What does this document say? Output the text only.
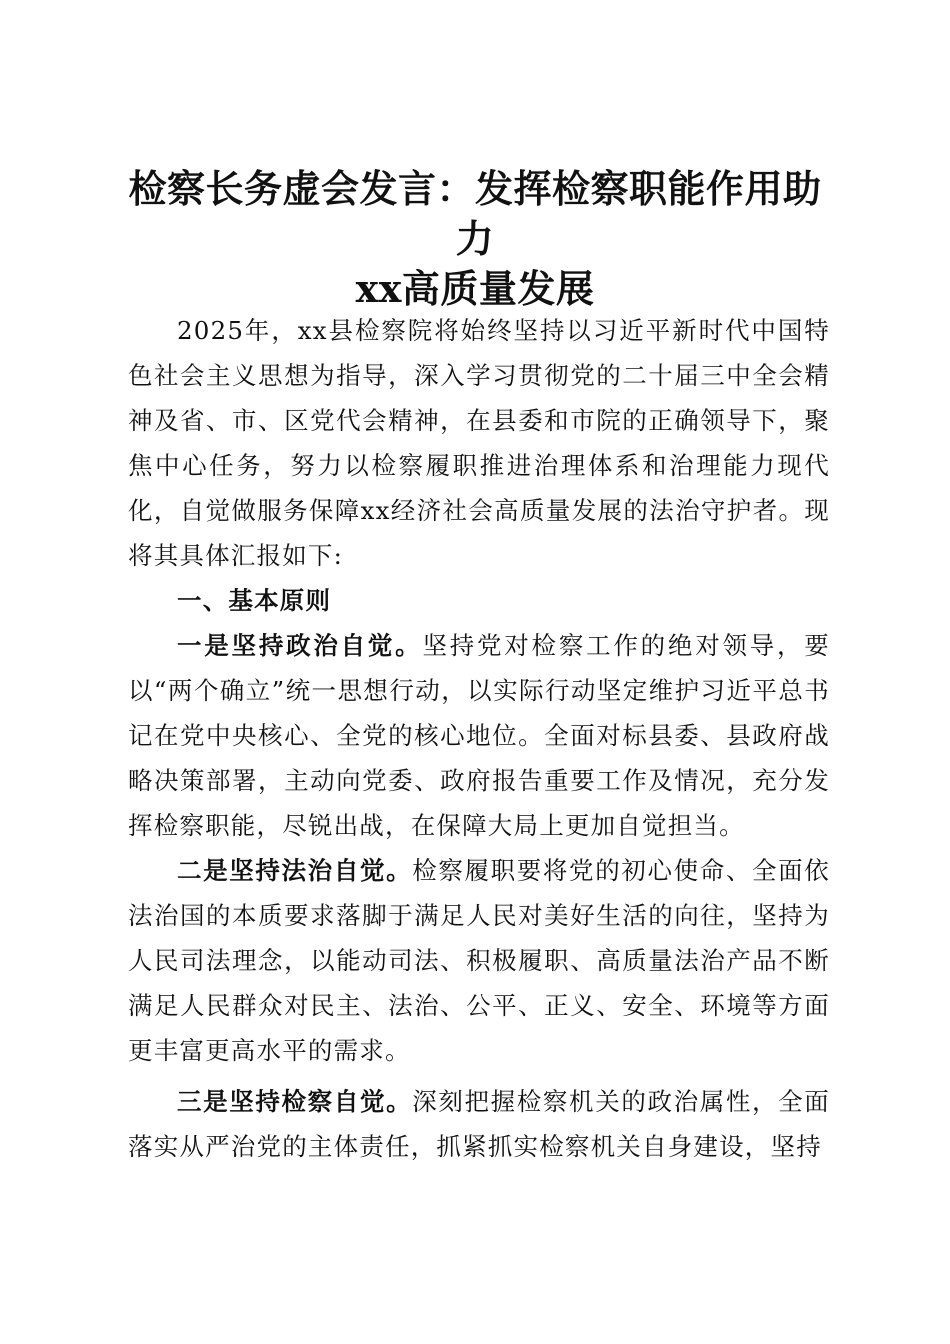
检察长务虚会发言：发挥检察职能作用助力
xx高质量发展

2025年，xx县检察院将始终坚持以习近平新时代中国特色社会主义思想为指导，深入学习贯彻党的二十届三中全会精神及省、市、区党代会精神，在县委和市院的正确领导下，聚焦中心任务，努力以检察履职推进治理体系和治理能力现代化，自觉做服务保障xx经济社会高质量发展的法治守护者。现将其具体汇报如下:

一、基本原则

一是坚持政治自觉。坚持党对检察工作的绝对领导，要以“两个确立”统一思想行动，以实际行动坚定维护习近平总书记在党中央核心、全党的核心地位。全面对标县委、县政府战略决策部署，主动向党委、政府报告重要工作及情况，充分发挥检察职能，尽锐出战，在保障大局上更加自觉担当。

二是坚持法治自觉。检察履职要将党的初心使命、全面依法治国的本质要求落脚于满足人民对美好生活的向往，坚持为人民司法理念，以能动司法、积极履职、高质量法治产品不断满足人民群众对民主、法治、公平、正义、安全、环境等方面更丰富更高水平的需求。

三是坚持检察自觉。深刻把握检察机关的政治属性，全面落实从严治党的主体责任，抓紧抓实检察机关自身建设，坚持
